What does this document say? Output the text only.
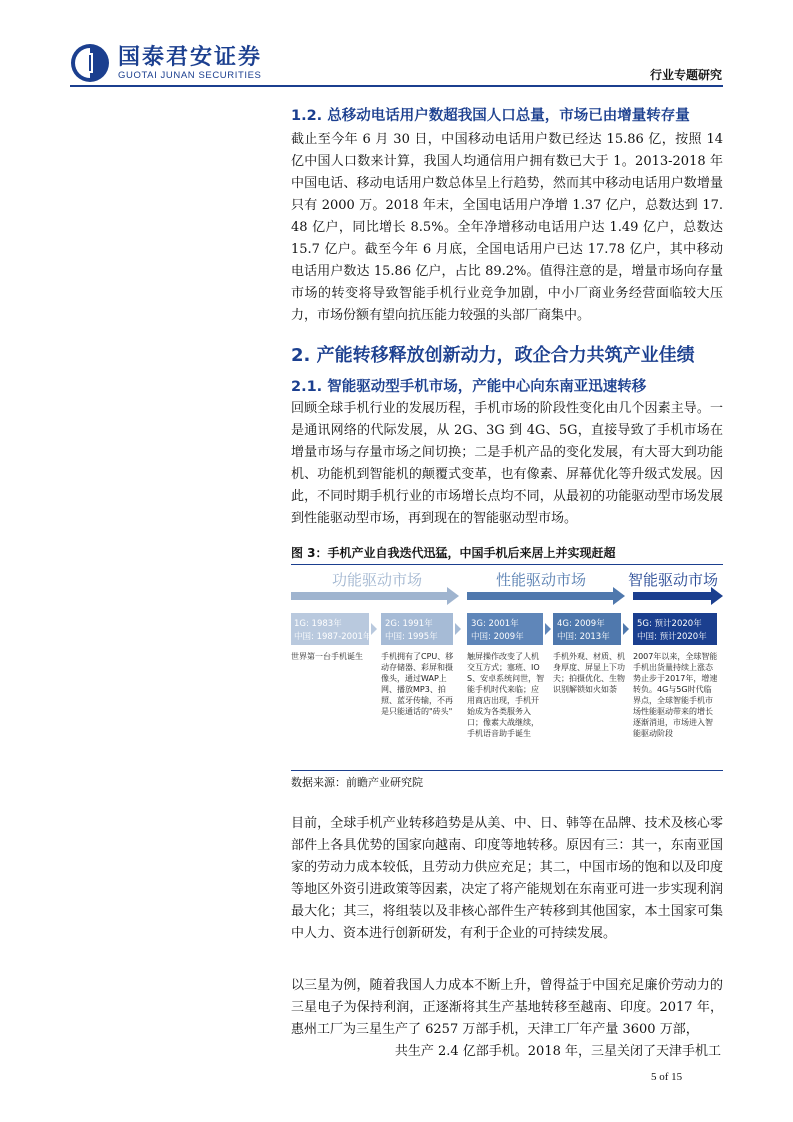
国泰君安证券
GUOTAI JUNAN SECURITIES	行业专题研究
1.2. 总移动电话用户数超我国人口总量，市场已由增量转存量
截止至今年 6 月 30 日，中国移动电话用户数已经达 15.86 亿，按照 14 亿中国人口数来计算，我国人均通信用户拥有数已大于 1。2013-2018 年中国电话、移动电话用户数总体呈上行趋势，然而其中移动电话用户数增量只有 2000 万。2018 年末，全国电话用户净增 1.37 亿户，总数达到 17.48 亿户，同比增长 8.5%。全年净增移动电话用户达 1.49 亿户，总数达 15.7 亿户。截至今年 6 月底，全国电话用户已达 17.78 亿户，其中移动电话用户数达 15.86 亿户，占比 89.2%。值得注意的是，增量市场向存量市场的转变将导致智能手机行业竞争加剧，中小厂商业务经营面临较大压力，市场份额有望向抗压能力较强的头部厂商集中。
2. 产能转移释放创新动力，政企合力共筑产业佳绩
2.1. 智能驱动型手机市场，产能中心向东南亚迅速转移
回顾全球手机行业的发展历程，手机市场的阶段性变化由几个因素主导。一是通讯网络的代际发展，从 2G、3G 到 4G、5G，直接导致了手机市场在增量市场与存量市场之间切换；二是手机产品的变化发展，有大哥大到功能机、功能机到智能机的颠覆式变革，也有像素、屏幕优化等升级式发展。因此，不同时期手机行业的市场增长点均不同，从最初的功能驱动型市场发展到性能驱动型市场，再到现在的智能驱动型市场。
图 3：手机产业自我迭代迅猛，中国手机后来居上并实现赶超
功能驱动市场	性能驱动市场	智能驱动市场
1G: 1983年
中国: 1987-2001年
2G: 1991年
中国: 1995年
3G: 2001年
中国: 2009年
4G: 2009年
中国: 2013年
5G: 预计2020年
中国: 预计2020年
世界第一台手机诞生	手机拥有了CPU、移动存储器、彩屏和摄像头，通过WAP上网、播放MP3、拍照、蓝牙传输，不再是只能通话的"砖头"
触屏操作改变了人机交互方式；塞班、IOS、安卓系统问世，智能手机时代来临；应用商店出现，手机开始成为各类服务入口；像素大战继续，手机语音助手诞生
手机外观、材质、机身厚度、屏显上下功夫；拍摄优化、生物识别解锁如火如荼
2007年以来，全球智能手机出货量持续上涨态势止步于2017年，增速转负。4G与5G时代临界点，全球智能手机市场性能驱动带来的增长逐渐消退，市场进入智能驱动阶段
数据来源：前瞻产业研究院
目前，全球手机产业转移趋势是从美、中、日、韩等在品牌、技术及核心零部件上各具优势的国家向越南、印度等地转移。原因有三：其一，东南亚国家的劳动力成本较低，且劳动力供应充足；其二，中国市场的饱和以及印度等地区外资引进政策等因素，决定了将产能规划在东南亚可进一步实现利润最大化；其三，将组装以及非核心部件生产转移到其他国家，本土国家可集中人力、资本进行创新研发，有利于企业的可持续发展。
以三星为例，随着我国人力成本不断上升，曾得益于中国充足廉价劳动力的三星电子为保持利润，正逐渐将其生产基地转移至越南、印度。2017 年，惠州工厂为三星生产了 6257 万部手机，天津工厂年产量 3600 万部，
共生产 2.4 亿部手机。2018 年，三星关闭了天津手机工
5 of 15
